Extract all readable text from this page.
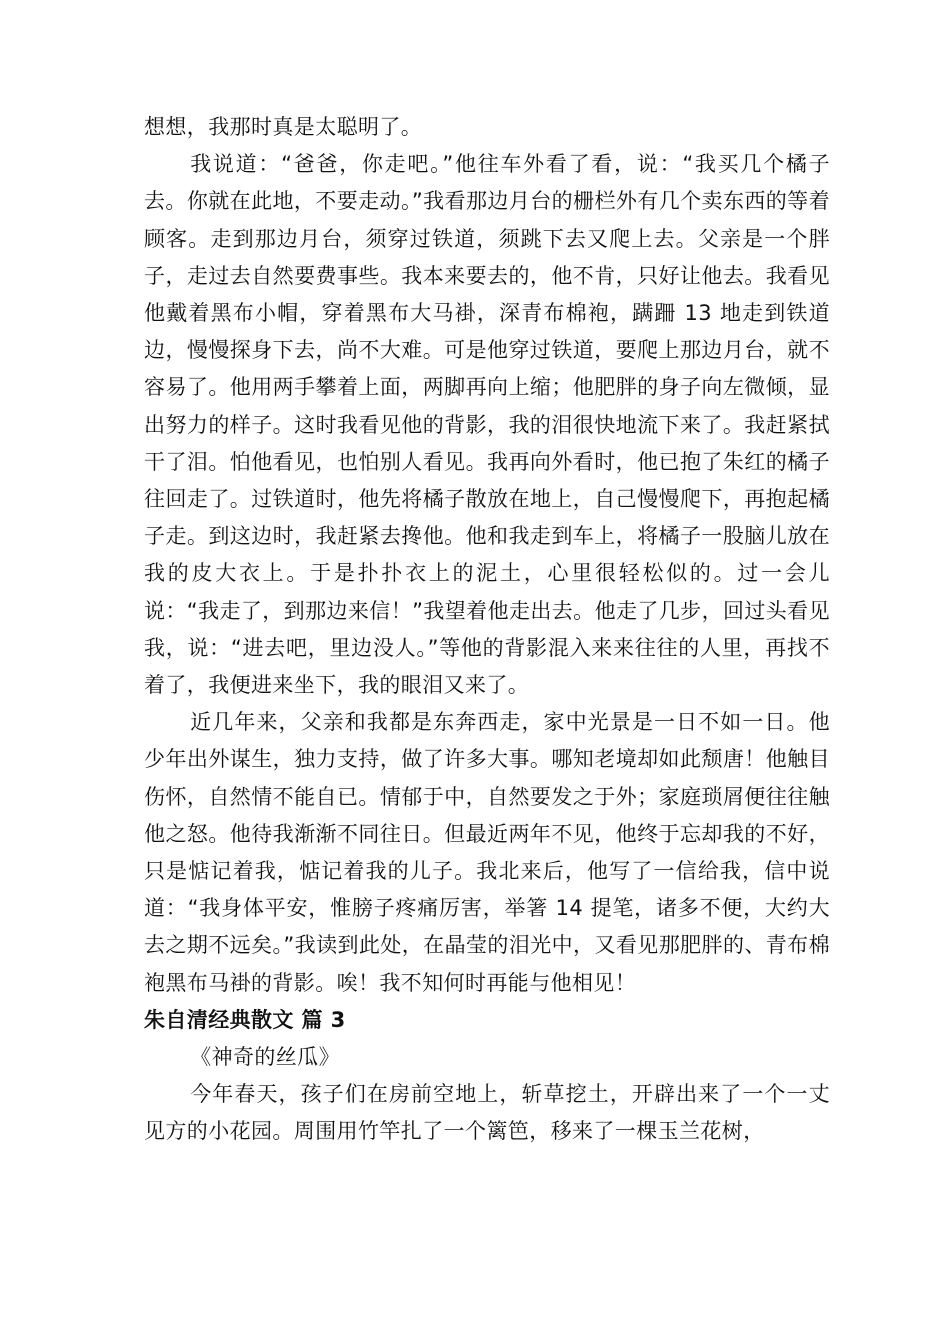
想想，我那时真是太聪明了。

我说道：“爸爸，你走吧。”他往车外看了看，说：“我买几个橘子去。你就在此地，不要走动。”我看那边月台的栅栏外有几个卖东西的等着顾客。走到那边月台，须穿过铁道，须跳下去又爬上去。父亲是一个胖子，走过去自然要费事些。我本来要去的，他不肯，只好让他去。我看见他戴着黑布小帽，穿着黑布大马褂，深青布棉袍，蹒跚 13 地走到铁道边，慢慢探身下去，尚不大难。可是他穿过铁道，要爬上那边月台，就不容易了。他用两手攀着上面，两脚再向上缩；他肥胖的身子向左微倾，显出努力的样子。这时我看见他的背影，我的泪很快地流下来了。我赶紧拭干了泪。怕他看见，也怕别人看见。我再向外看时，他已抱了朱红的橘子往回走了。过铁道时，他先将橘子散放在地上，自己慢慢爬下，再抱起橘子走。到这边时，我赶紧去搀他。他和我走到车上，将橘子一股脑儿放在我的皮大衣上。于是扑扑衣上的泥土，心里很轻松似的。过一会儿说：“我走了，到那边来信！”我望着他走出去。他走了几步，回过头看见我，说：“进去吧，里边没人。”等他的背影混入来来往往的人里，再找不着了，我便进来坐下，我的眼泪又来了。

近几年来，父亲和我都是东奔西走，家中光景是一日不如一日。他少年出外谋生，独力支持，做了许多大事。哪知老境却如此颓唐！他触目伤怀，自然情不能自已。情郁于中，自然要发之于外；家庭琐屑便往往触他之怒。他待我渐渐不同往日。但最近两年不见，他终于忘却我的不好，只是惦记着我，惦记着我的儿子。我北来后，他写了一信给我，信中说道：“我身体平安，惟膀子疼痛厉害，举箸 14 提笔，诸多不便，大约大去之期不远矣。”我读到此处，在晶莹的泪光中，又看见那肥胖的、青布棉袍黑布马褂的背影。唉！我不知何时再能与他相见！

朱自清经典散文 篇 3

《神奇的丝瓜》

今年春天，孩子们在房前空地上，斩草挖土，开辟出来了一个一丈见方的小花园。周围用竹竿扎了一个篱笆，移来了一棵玉兰花树，
